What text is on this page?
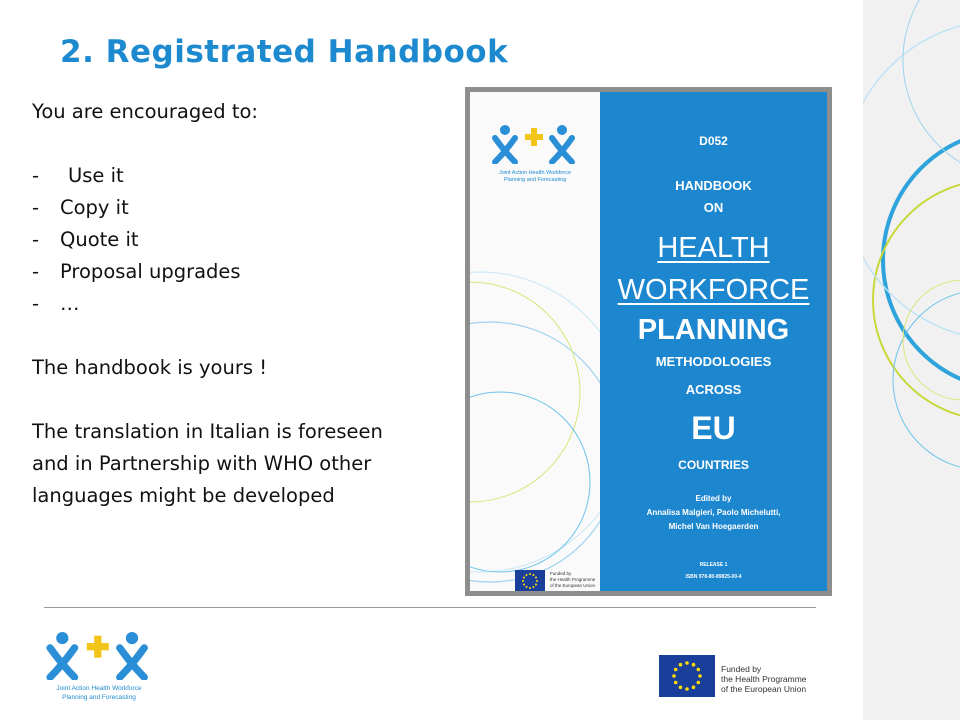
2. Registrated Handbook

You are encouraged to:

-	Use it
-	Copy it
-	Quote it
-	Proposal upgrades
-	…

The handbook is yours !

The translation in Italian is foreseen

and in Partnership with WHO other

languages might be developed

Joint Action Health Workforce
Planning and Forecasting
Funded by
the Health Programme
of the European Union
D052
HANDBOOK
ON
HEALTH
WORKFORCE
PLANNING
METHODOLOGIES
ACROSS
EU
COUNTRIES
Edited by
Annalisa Malgieri, Paolo Michelutti,
Michel Van Hoegaerden
RELEASE 1
ISBN 978-80-89825-00-4
Joint Action Health Workforce
Planning and Forecasting
Funded by
the Health Programme
of the European Union
